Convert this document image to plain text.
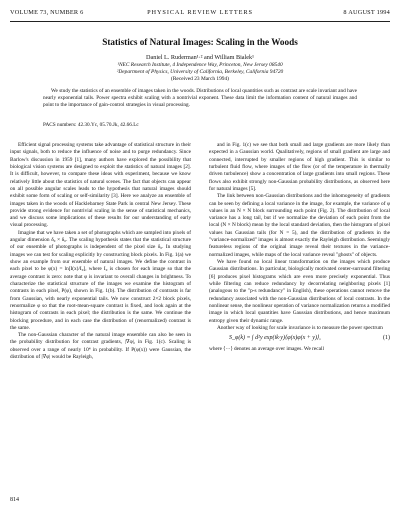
VOLUME 73, NUMBER 6	PHYSICAL REVIEW LETTERS	8 AUGUST 1994
Statistics of Natural Images: Scaling in the Woods
Daniel L. Ruderman¹·² and William Bialek¹
¹NEC Research Institute, 4 Independence Way, Princeton, New Jersey 08540
²Department of Physics, University of California, Berkeley, California 94720
(Received 23 March 1994)

We study the statistics of an ensemble of images taken in the woods. Distributions of local quantities such as contrast are scale invariant and have nearly exponential tails. Power spectra exhibit scaling with a nontrivial exponent. These data limit the information content of natural images and point to the importance of gain-control strategies in visual processing.

PACS numbers: 42.30.Yc, 05.70.Jk, 42.66.Lc

Efficient signal processing systems take advantage of statistical structure in their input signals, both to reduce the influence of noise and to purge redundancy. Since Barlow's discussion in 1959 [1], many authors have explored the possibility that biological vision systems are designed to exploit the statistics of natural images [2]. It is difficult, however, to compare these ideas with experiment, because we know relatively little about the statistics of natural scenes. The fact that objects can appear on all possible angular scales leads to the hypothesis that natural images should exhibit some form of scaling or self-similarity [3]. Here we analyze an ensemble of images taken in the woods of Hacklebarney State Park in central New Jersey. These provide strong evidence for nontrivial scaling in the sense of statistical mechanics, and we discuss some implications of these results for our understanding of early visual processing.

Imagine that we have taken a set of photographs which are sampled into pixels of angular dimension δ₀ × δ₀. The scaling hypothesis states that the statistical structure of our ensemble of photographs is independent of the pixel size δ₀. In studying images we can test for scaling explicitly by constructing block pixels. In Fig. 1(a) we show an example from our ensemble of natural images. We define the contrast in each pixel to be φ(x) = ln[I(x)/I₀], where I₀ is chosen for each image so that the average contrast is zero: note that φ is invariant to overall changes in brightness. To characterize the statistical structure of the images we examine the histogram of contrasts in each pixel, P(φ), shown in Fig. 1(b). The distribution of contrasts is far from Gaussian, with nearly exponential tails. We now construct 2×2 block pixels, renormalize φ so that the root-mean-square contrast is fixed, and look again at the histogram of contrasts in each pixel; the distribution is the same. We continue the blocking procedure, and in each case the distribution of (renormalized) contrast is the same.

The non-Gaussian character of the natural image ensemble can also be seen in the probability distribution for contrast gradients, |∇φ|, in Fig. 1(c). Scaling is observed over a range of nearly 10⁴ in probability. If P(φ(x)) were Gaussian, the distribution of |∇φ| would be Rayleigh,

and in Fig. 1(c) we see that both small and large gradients are more likely than expected in a Gaussian world. Qualitatively, regions of small gradient are large and connected, interrupted by smaller regions of high gradient. This is similar to turbulent fluid flow, where images of the flow (or of the temperature in thermally driven turbulence) show a concentration of large gradients into small regions. These flows also exhibit strongly non-Gaussian probability distributions, as observed here for natural images [5].

The link between non-Gaussian distributions and the inhomogeneity of gradients can be seen by defining a local variance in the image, for example, the variance of φ values in an N × N block surrounding each point (Fig. 2). The distribution of local variance has a long tail, but if we normalize the deviation of each point from the local (N × N block) mean by the local standard deviation, then the histogram of pixel values has Gaussian tails (for N = 5), and the distribution of gradients in the "variance-normalized" images is almost exactly the Rayleigh distribution. Seemingly featureless regions of the original image reveal their textures in the variance-normalized images, while maps of the local variance reveal "ghosts" of objects.

We have found no local linear transformation on the images which produce Gaussian distributions. In particular, biologically motivated center-surround filtering [6] produces pixel histograms which are even more precisely exponential. Thus while filtering can reduce redundancy by decorrelating neighboring pixels [1] (analogous to the "p-s redundancy" in English), these operations cannot remove the redundancy associated with the non-Gaussian distributions of local contrasts. In the nonlinear sense, the nonlinear operation of variance normalization returns a modified image in which local quantities have Gaussian distributions, and hence maximum entropy given their dynamic range.

Another way of looking for scale invariance is to measure the power spectrum

S_φ(k) = ∫ d²y exp(ik·y)⟨φ(x)φ(x + y)⟩,	(1)

where ⟨···⟩ denotes an average over images. We recall

814
